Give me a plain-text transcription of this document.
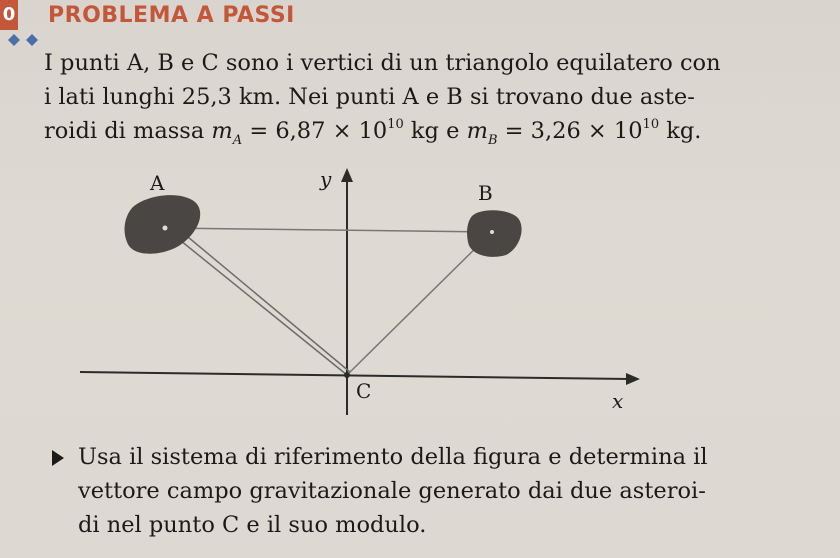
0 PROBLEMA A PASSI

I punti A, B e C sono i vertici di un triangolo equilatero con

i lati lunghi 25,3 km. Nei punti A e B si trovano due aste-

roidi di massa $m_A = 6,87 \times 10^{10}$ kg e $m_B = 3,26 \times 10^{10}$ kg.

A	B
C
y
x

Usa il sistema di riferimento della figura e determina il

vettore campo gravitazionale generato dai due asteroi-

di nel punto C e il suo modulo.
